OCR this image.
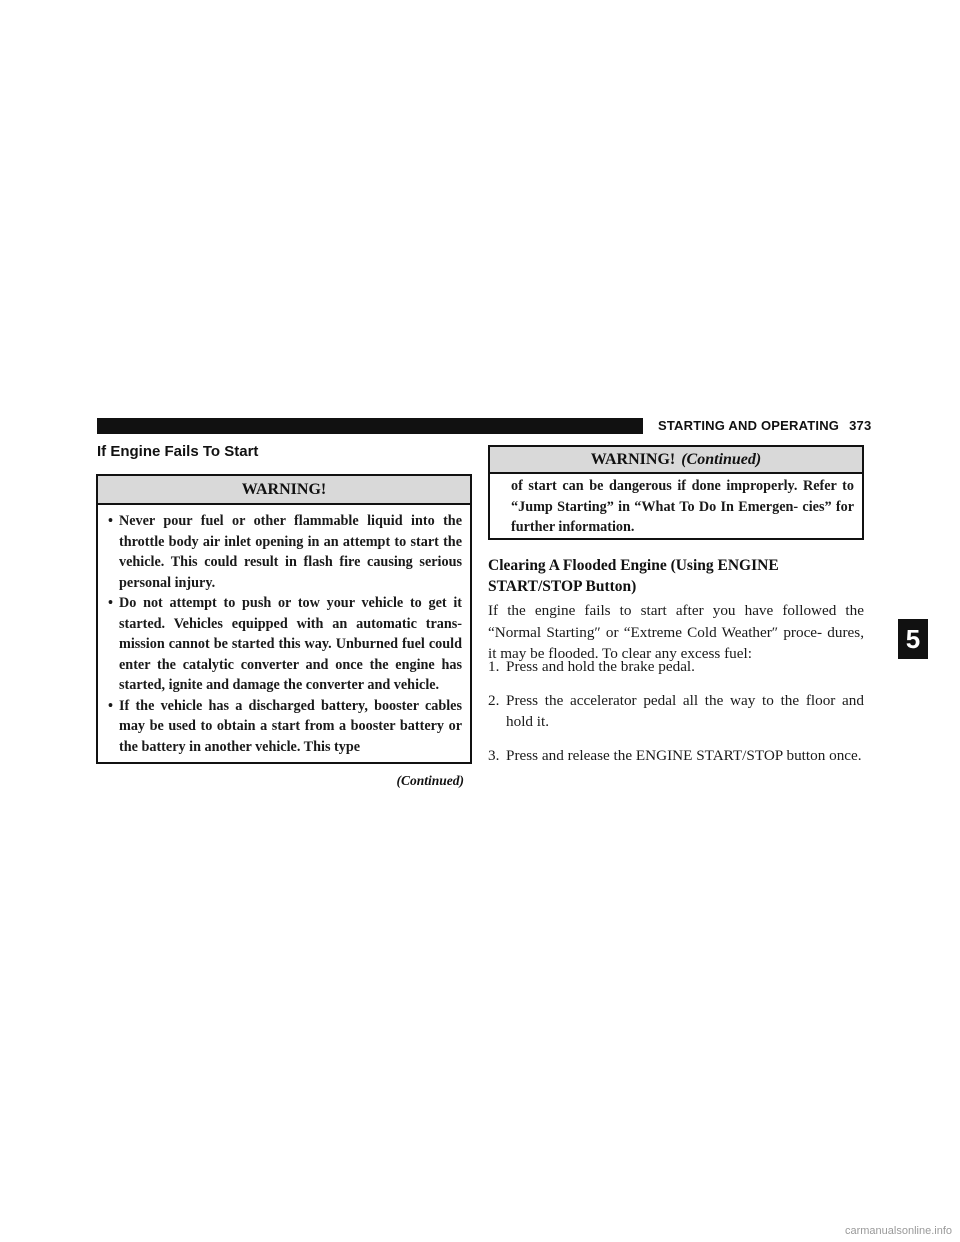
STARTING AND OPERATING 373
If Engine Fails To Start
WARNING!
• Never pour fuel or other flammable liquid into the throttle body air inlet opening in an attempt to start the vehicle. This could result in flash fire causing serious personal injury.
• Do not attempt to push or tow your vehicle to get it started. Vehicles equipped with an automatic trans- mission cannot be started this way. Unburned fuel could enter the catalytic converter and once the engine has started, ignite and damage the converter and vehicle.
• If the vehicle has a discharged battery, booster cables may be used to obtain a start from a booster battery or the battery in another vehicle. This type
(Continued)
WARNING! (Continued)
of start can be dangerous if done improperly. Refer to “Jump Starting” in “What To Do In Emergen- cies” for further information.
Clearing A Flooded Engine (Using ENGINE START/STOP Button)

If the engine fails to start after you have followed the “Normal Starting″ or “Extreme Cold Weather″ proce- dures, it may be flooded. To clear any excess fuel:

1. Press and hold the brake pedal.
2. Press the accelerator pedal all the way to the floor and hold it.
3. Press and release the ENGINE START/STOP button once.
5
carmanualsonline.info
